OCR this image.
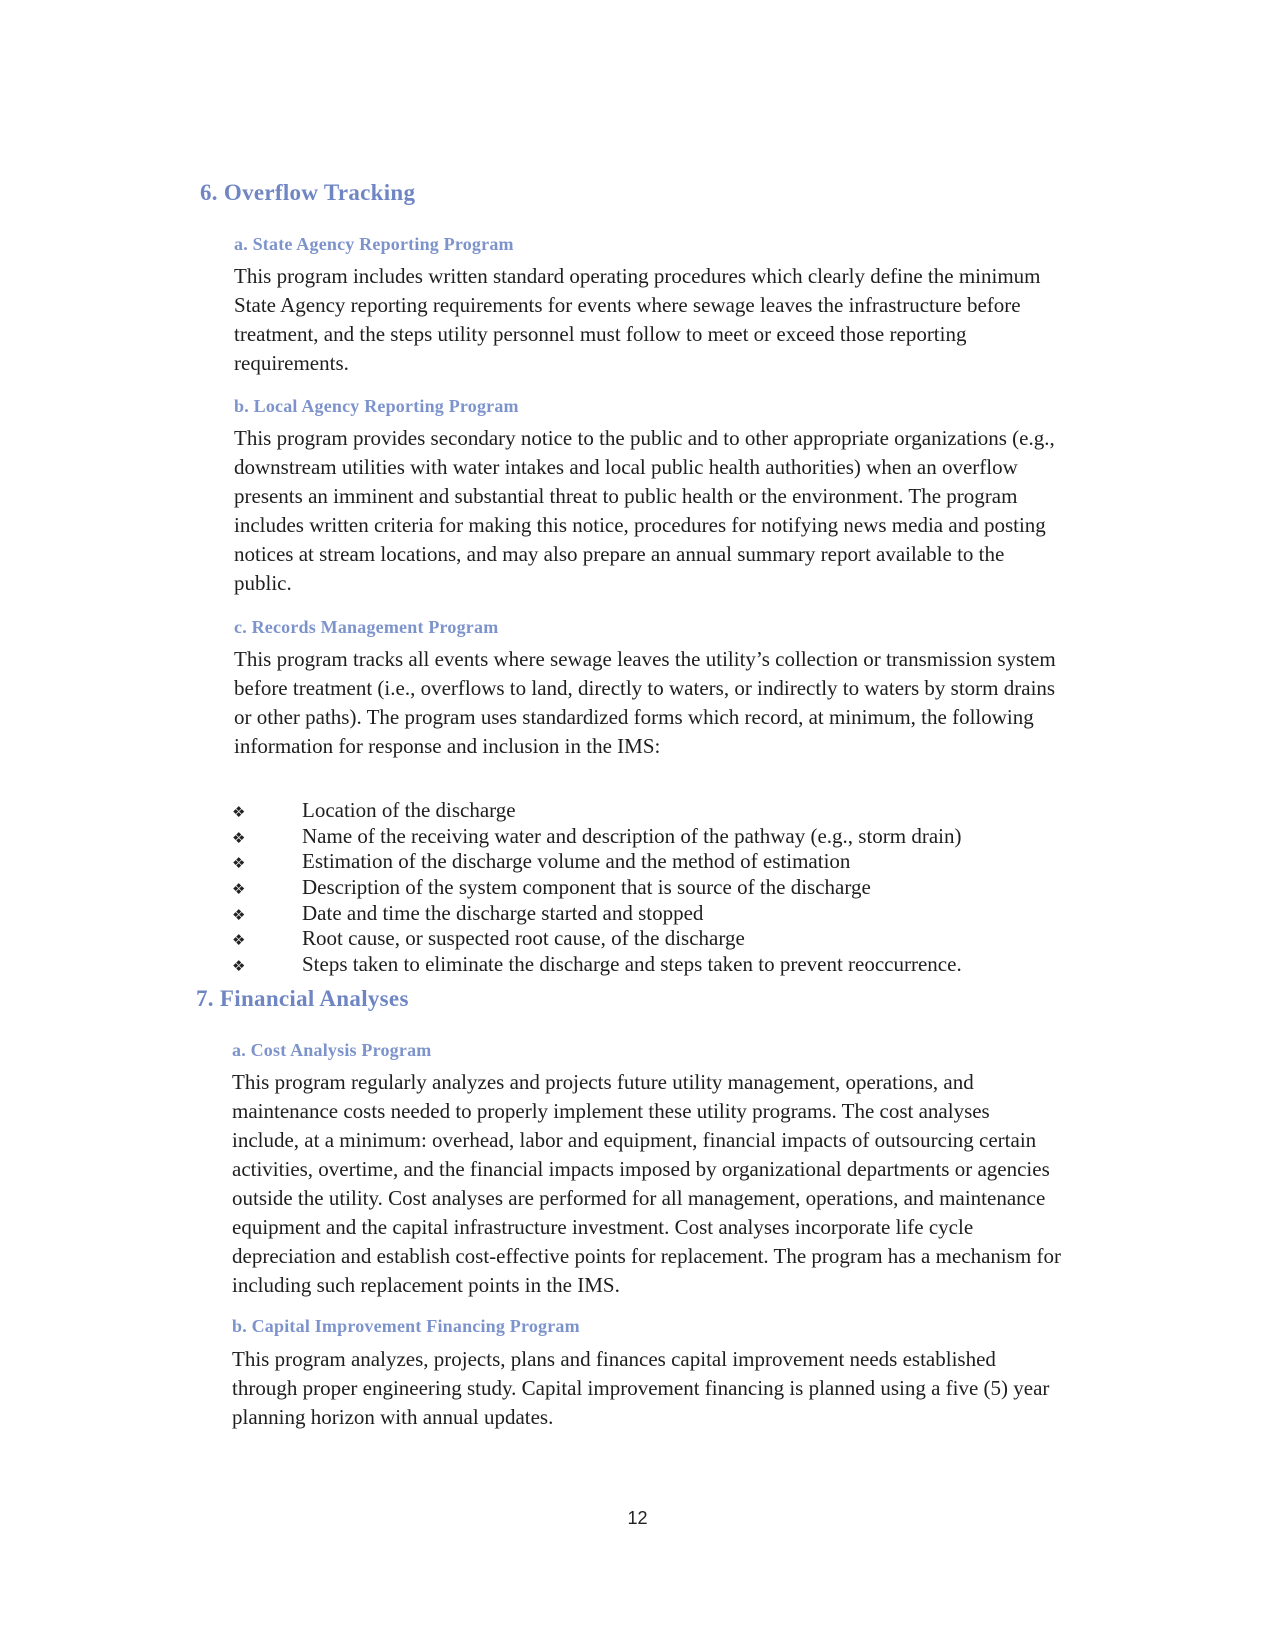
6. Overflow Tracking
a. State Agency Reporting Program

This program includes written standard operating procedures which clearly define the minimum State Agency reporting requirements for events where sewage leaves the infrastructure before treatment, and the steps utility personnel must follow to meet or exceed those reporting requirements.

b. Local Agency Reporting Program

This program provides secondary notice to the public and to other appropriate organizations (e.g., downstream utilities with water intakes and local public health authorities) when an overflow presents an imminent and substantial threat to public health or the environment. The program includes written criteria for making this notice, procedures for notifying news media and posting notices at stream locations, and may also prepare an annual summary report available to the public.

c. Records Management Program

This program tracks all events where sewage leaves the utility’s collection or transmission system before treatment (i.e., overflows to land, directly to waters, or indirectly to waters by storm drains or other paths). The program uses standardized forms which record, at minimum, the following information for response and inclusion in the IMS:

❖	Location of the discharge
❖	Name of the receiving water and description of the pathway (e.g., storm drain)
❖	Estimation of the discharge volume and the method of estimation
❖	Description of the system component that is source of the discharge
❖	Date and time the discharge started and stopped
❖	Root cause, or suspected root cause, of the discharge
❖	Steps taken to eliminate the discharge and steps taken to prevent reoccurrence.
7. Financial Analyses
a. Cost Analysis Program

This program regularly analyzes and projects future utility management, operations, and maintenance costs needed to properly implement these utility programs. The cost analyses include, at a minimum: overhead, labor and equipment, financial impacts of outsourcing certain activities, overtime, and the financial impacts imposed by organizational departments or agencies outside the utility. Cost analyses are performed for all management, operations, and maintenance equipment and the capital infrastructure investment. Cost analyses incorporate life cycle depreciation and establish cost-effective points for replacement. The program has a mechanism for including such replacement points in the IMS.

b. Capital Improvement Financing Program

This program analyzes, projects, plans and finances capital improvement needs established through proper engineering study. Capital improvement financing is planned using a five (5) year planning horizon with annual updates.

12
